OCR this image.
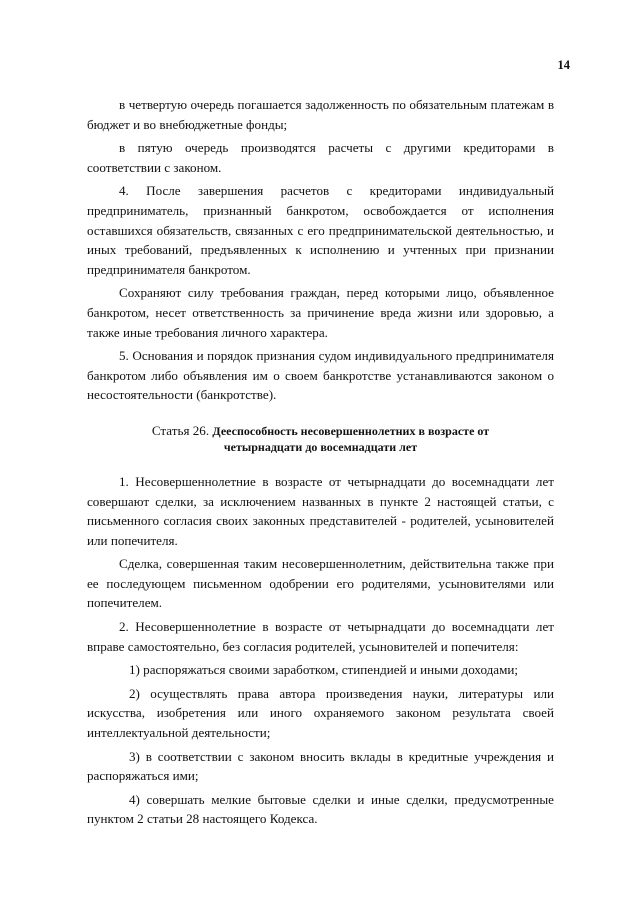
14

в четвертую очередь погашается задолженность по обязательным платежам в бюджет и во внебюджетные фонды;

в пятую очередь производятся расчеты с другими кредиторами в соответствии с законом.

4. После завершения расчетов с кредиторами индивидуальный предприниматель, признанный банкротом, освобождается от исполнения оставшихся обязательств, связанных с его предпринимательской деятельностью, и иных требований, предъявленных к исполнению и учтенных при признании предпринимателя банкротом.

Сохраняют силу требования граждан, перед которыми лицо, объявленное банкротом, несет ответственность за причинение вреда жизни или здоровью, а также иные требования личного характера.

5. Основания и порядок признания судом индивидуального предпринимателя банкротом либо объявления им о своем банкротстве устанавливаются законом о несостоятельности (банкротстве).

Статья 26. Дееспособность несовершеннолетних в возрасте от
четырнадцати до восемнадцати лет

1. Несовершеннолетние в возрасте от четырнадцати до восемнадцати лет совершают сделки, за исключением названных в пункте 2 настоящей статьи, с письменного согласия своих законных представителей - родителей, усыновителей или попечителя.

Сделка, совершенная таким несовершеннолетним, действительна также при ее последующем письменном одобрении его родителями, усыновителями или попечителем.

2. Несовершеннолетние в возрасте от четырнадцати до восемнадцати лет вправе самостоятельно, без согласия родителей, усыновителей и попечителя:

1) распоряжаться своими заработком, стипендией и иными доходами;

2) осуществлять права автора произведения науки, литературы или искусства, изобретения или иного охраняемого законом результата своей интеллектуальной деятельности;

3) в соответствии с законом вносить вклады в кредитные учреждения и распоряжаться ими;

4) совершать мелкие бытовые сделки и иные сделки, предусмотренные пунктом 2 статьи 28 настоящего Кодекса.
